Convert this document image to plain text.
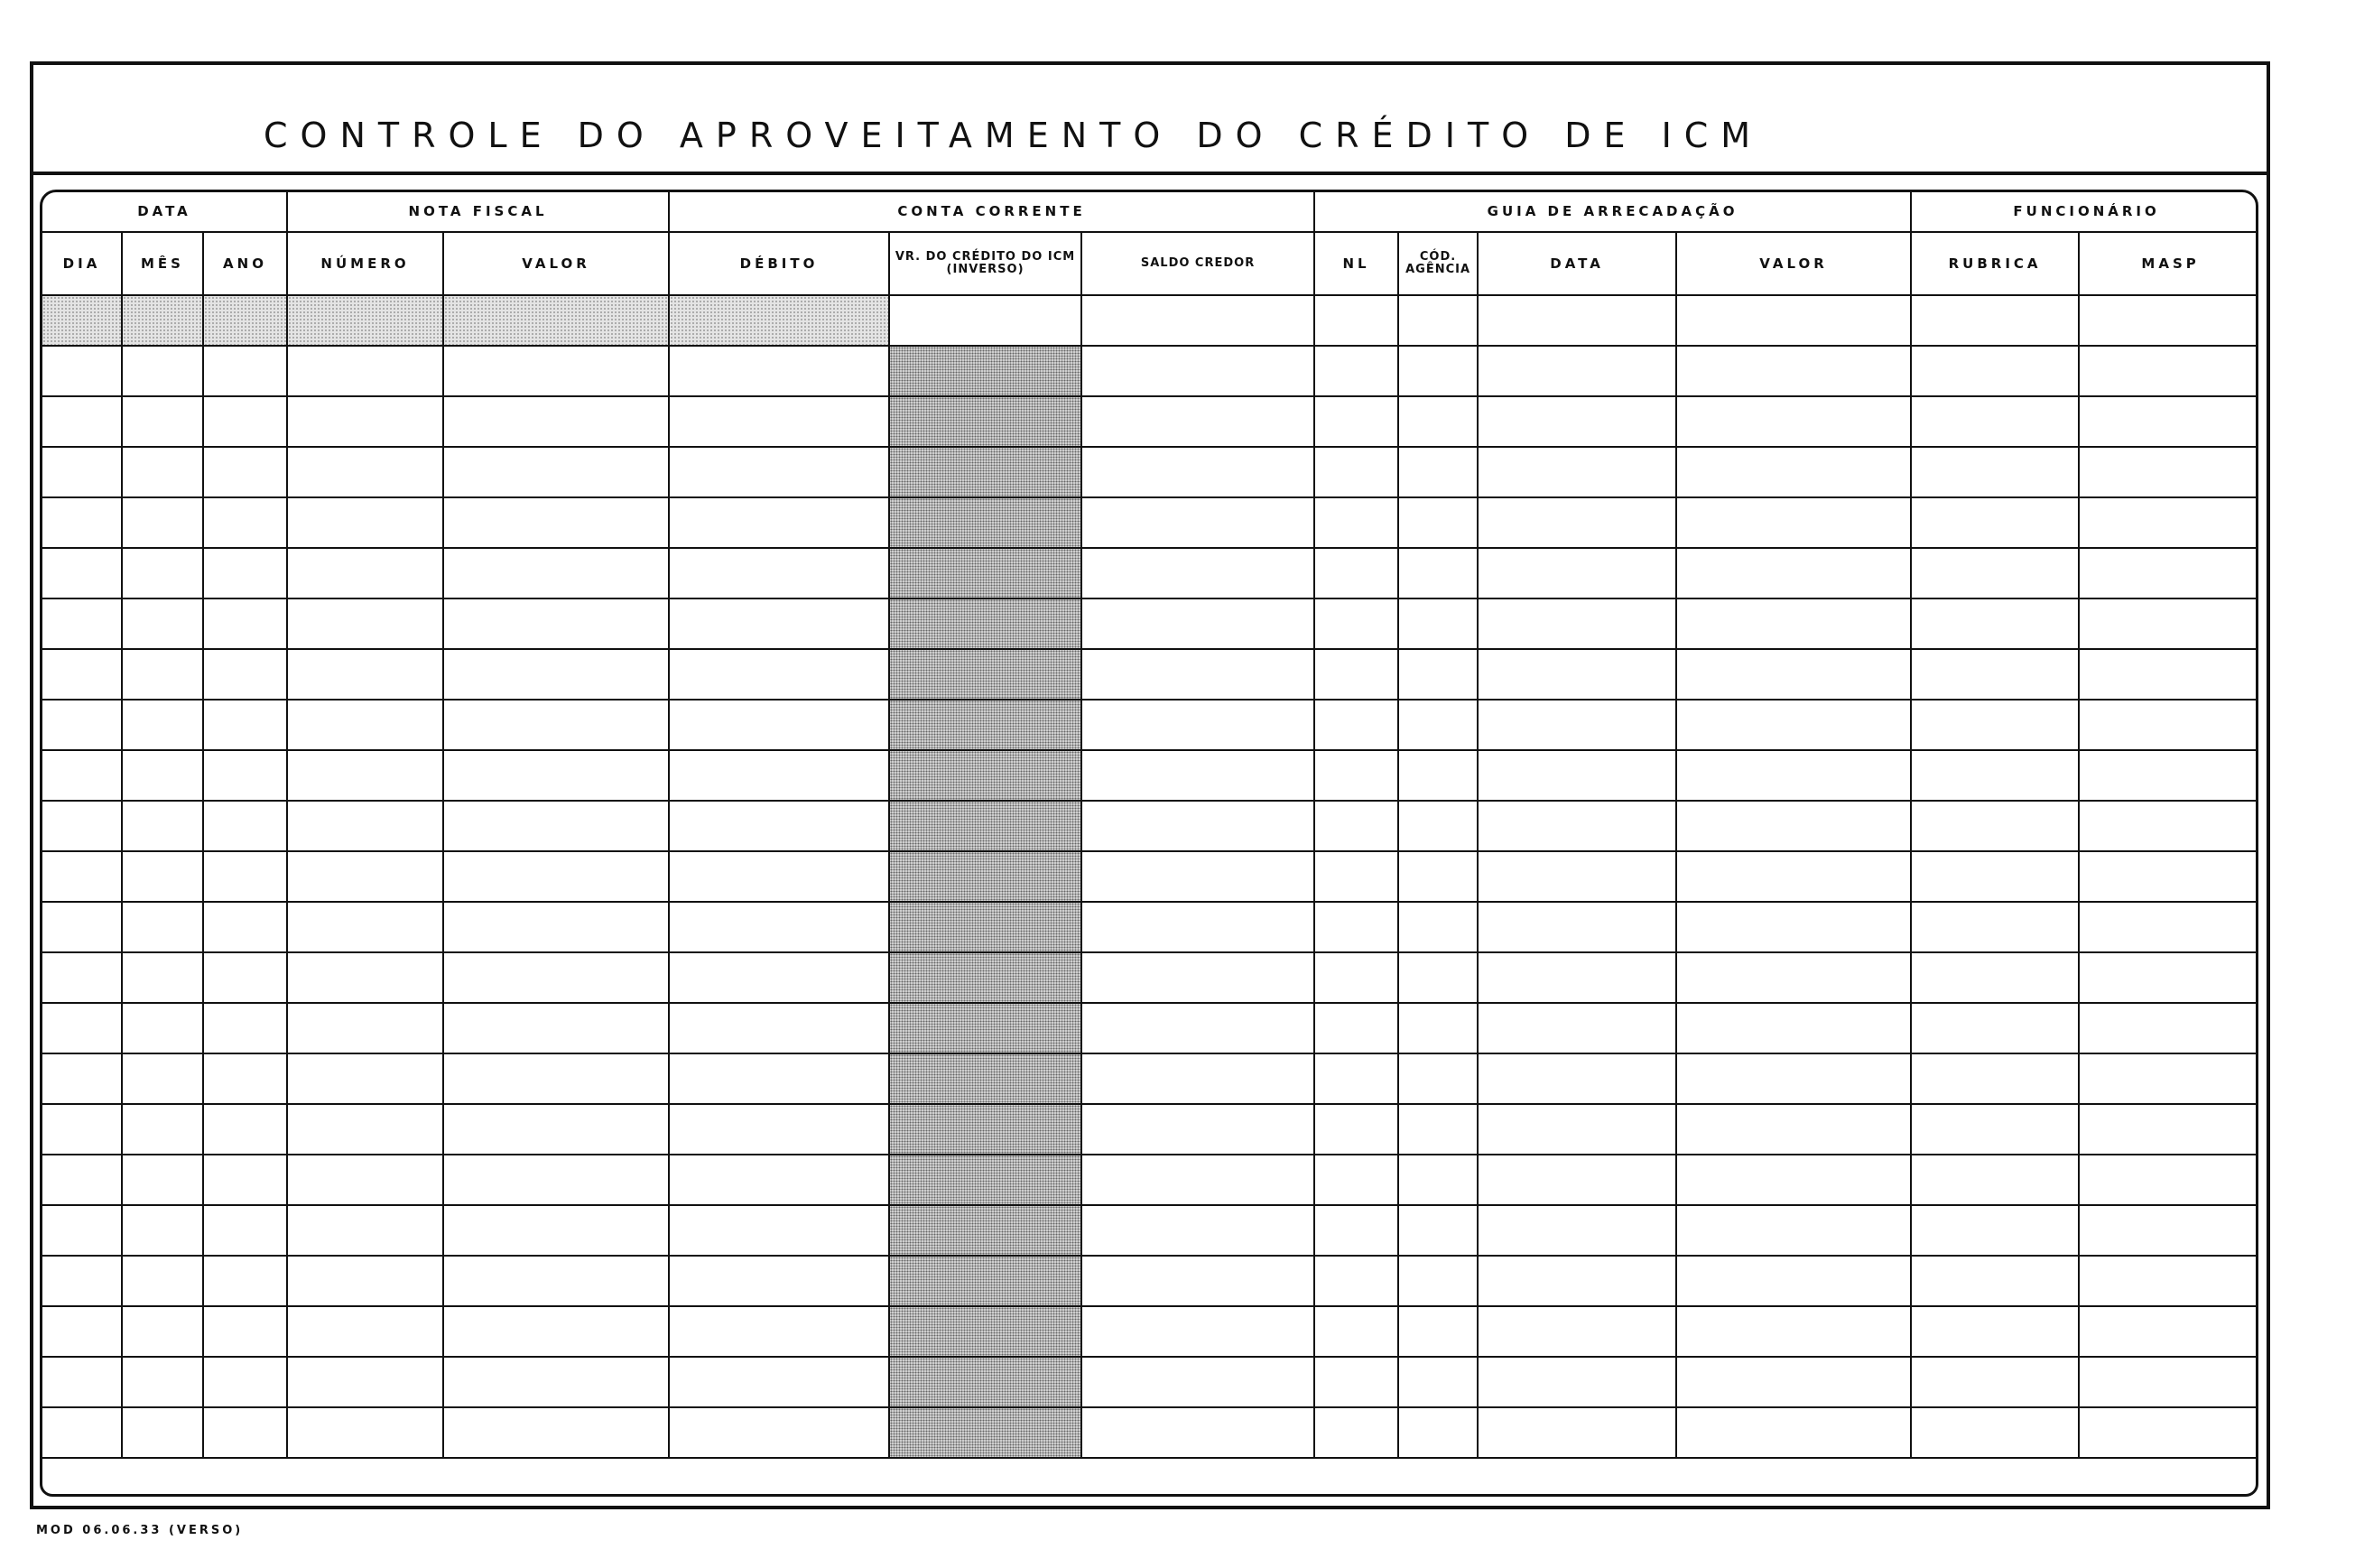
CONTROLE DO APROVEITAMENTO DO CRÉDITO DE ICM
DATA			NOTA FISCAL		CONTA CORRENTE			GUIA DE ARRECADAÇÃO				FUNCIONÁRIO	
DIA	MÊS	ANO	NÚMERO	VALOR	DÉBITO	VR. DO CRÉDITO DO ICM (INVERSO)	SALDO CREDOR	NL	CÓD. AGÊNCIA	DATA	VALOR	RUBRICA	MASP

MOD 06.06.33 (VERSO)
